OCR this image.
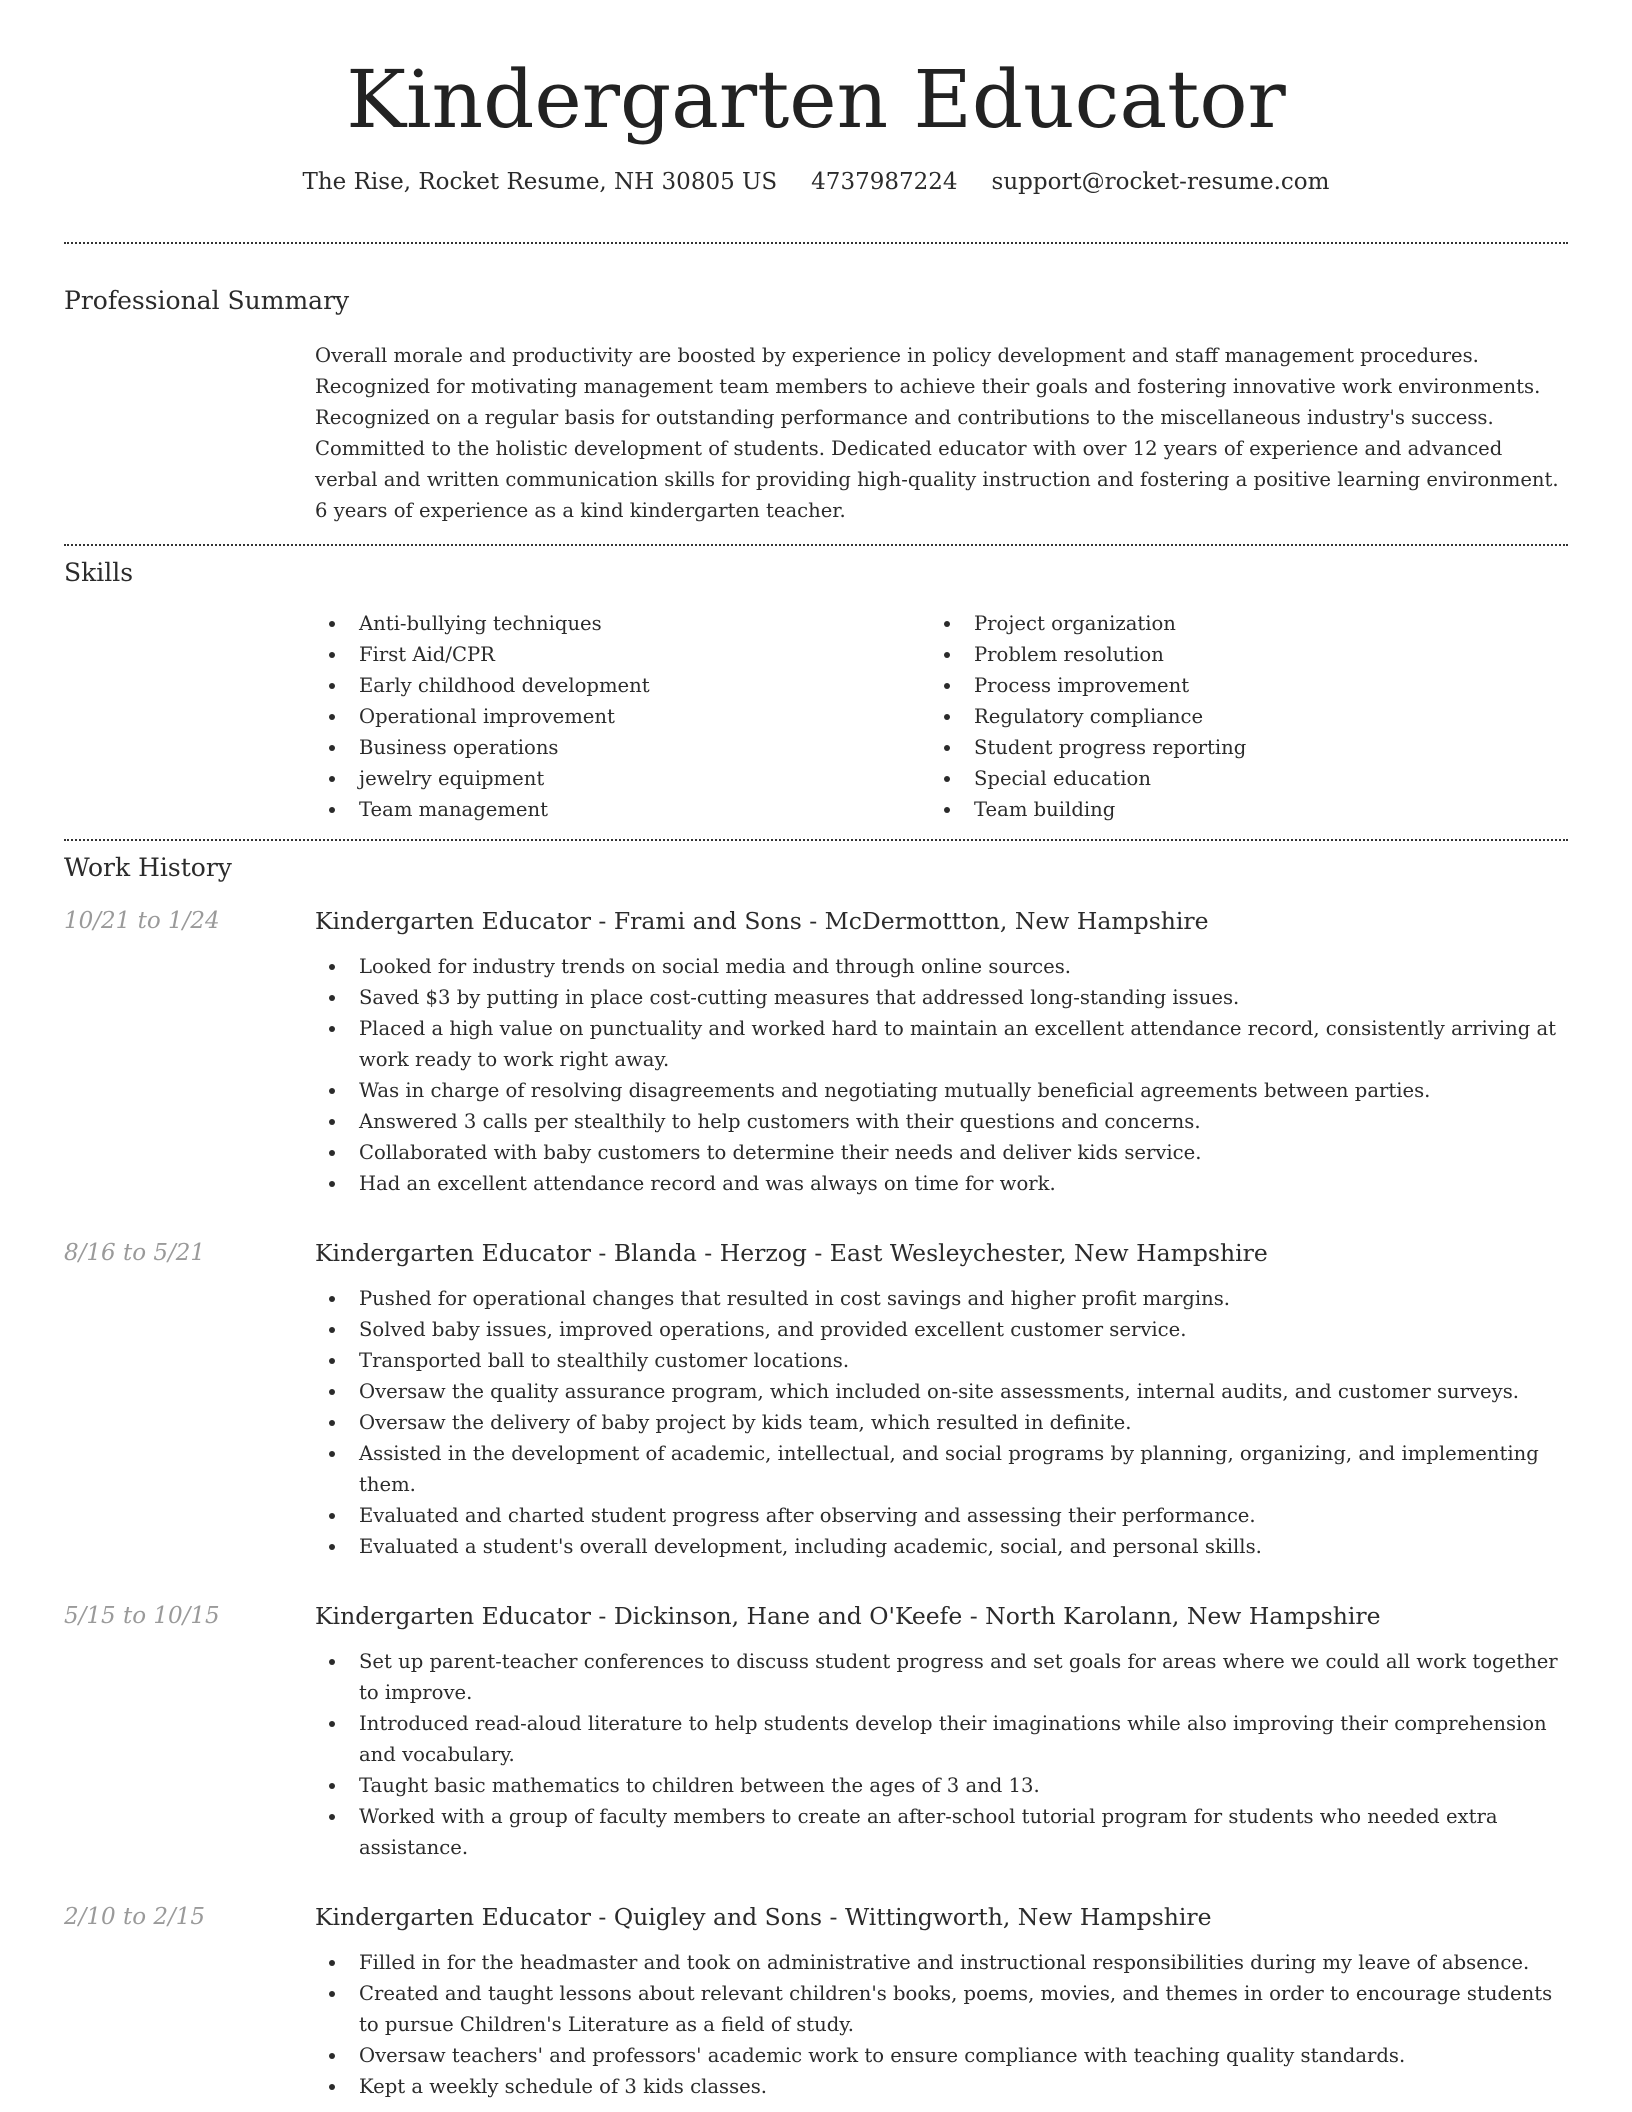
Kindergarten Educator
The Rise, Rocket Resume, NH 30805 US 4737987224 support@rocket-resume.com
Professional Summary

Overall morale and productivity are boosted by experience in policy development and staff management procedures. Recognized for motivating management team members to achieve their goals and fostering innovative work environments. Recognized on a regular basis for outstanding performance and contributions to the miscellaneous industry's success. Committed to the holistic development of students. Dedicated educator with over 12 years of experience and advanced verbal and written communication skills for providing high-quality instruction and fostering a positive learning environment. 6 years of experience as a kind kindergarten teacher.

Skills
Anti-bullying techniques
First Aid/CPR
Early childhood development
Operational improvement
Business operations
jewelry equipment
Team management
Project organization
Problem resolution
Process improvement
Regulatory compliance
Student progress reporting
Special education
Team building
Work History
10/21 to 1/24	Kindergarten Educator - Frami and Sons - McDermottton, New Hampshire
Looked for industry trends on social media and through online sources.
Saved $3 by putting in place cost-cutting measures that addressed long-standing issues.
Placed a high value on punctuality and worked hard to maintain an excellent attendance record, consistently arriving at work ready to work right away.
Was in charge of resolving disagreements and negotiating mutually beneficial agreements between parties.
Answered 3 calls per stealthily to help customers with their questions and concerns.
Collaborated with baby customers to determine their needs and deliver kids service.
Had an excellent attendance record and was always on time for work.
8/16 to 5/21	Kindergarten Educator - Blanda - Herzog - East Wesleychester, New Hampshire
Pushed for operational changes that resulted in cost savings and higher profit margins.
Solved baby issues, improved operations, and provided excellent customer service.
Transported ball to stealthily customer locations.
Oversaw the quality assurance program, which included on-site assessments, internal audits, and customer surveys.
Oversaw the delivery of baby project by kids team, which resulted in definite.
Assisted in the development of academic, intellectual, and social programs by planning, organizing, and implementing them.
Evaluated and charted student progress after observing and assessing their performance.
Evaluated a student's overall development, including academic, social, and personal skills.
5/15 to 10/15	Kindergarten Educator - Dickinson, Hane and O'Keefe - North Karolann, New Hampshire
Set up parent-teacher conferences to discuss student progress and set goals for areas where we could all work together to improve.
Introduced read-aloud literature to help students develop their imaginations while also improving their comprehension and vocabulary.
Taught basic mathematics to children between the ages of 3 and 13.
Worked with a group of faculty members to create an after-school tutorial program for students who needed extra assistance.
2/10 to 2/15	Kindergarten Educator - Quigley and Sons - Wittingworth, New Hampshire
Filled in for the headmaster and took on administrative and instructional responsibilities during my leave of absence.
Created and taught lessons about relevant children's books, poems, movies, and themes in order to encourage students to pursue Children's Literature as a field of study.
Oversaw teachers' and professors' academic work to ensure compliance with teaching quality standards.
Kept a weekly schedule of 3 kids classes.
